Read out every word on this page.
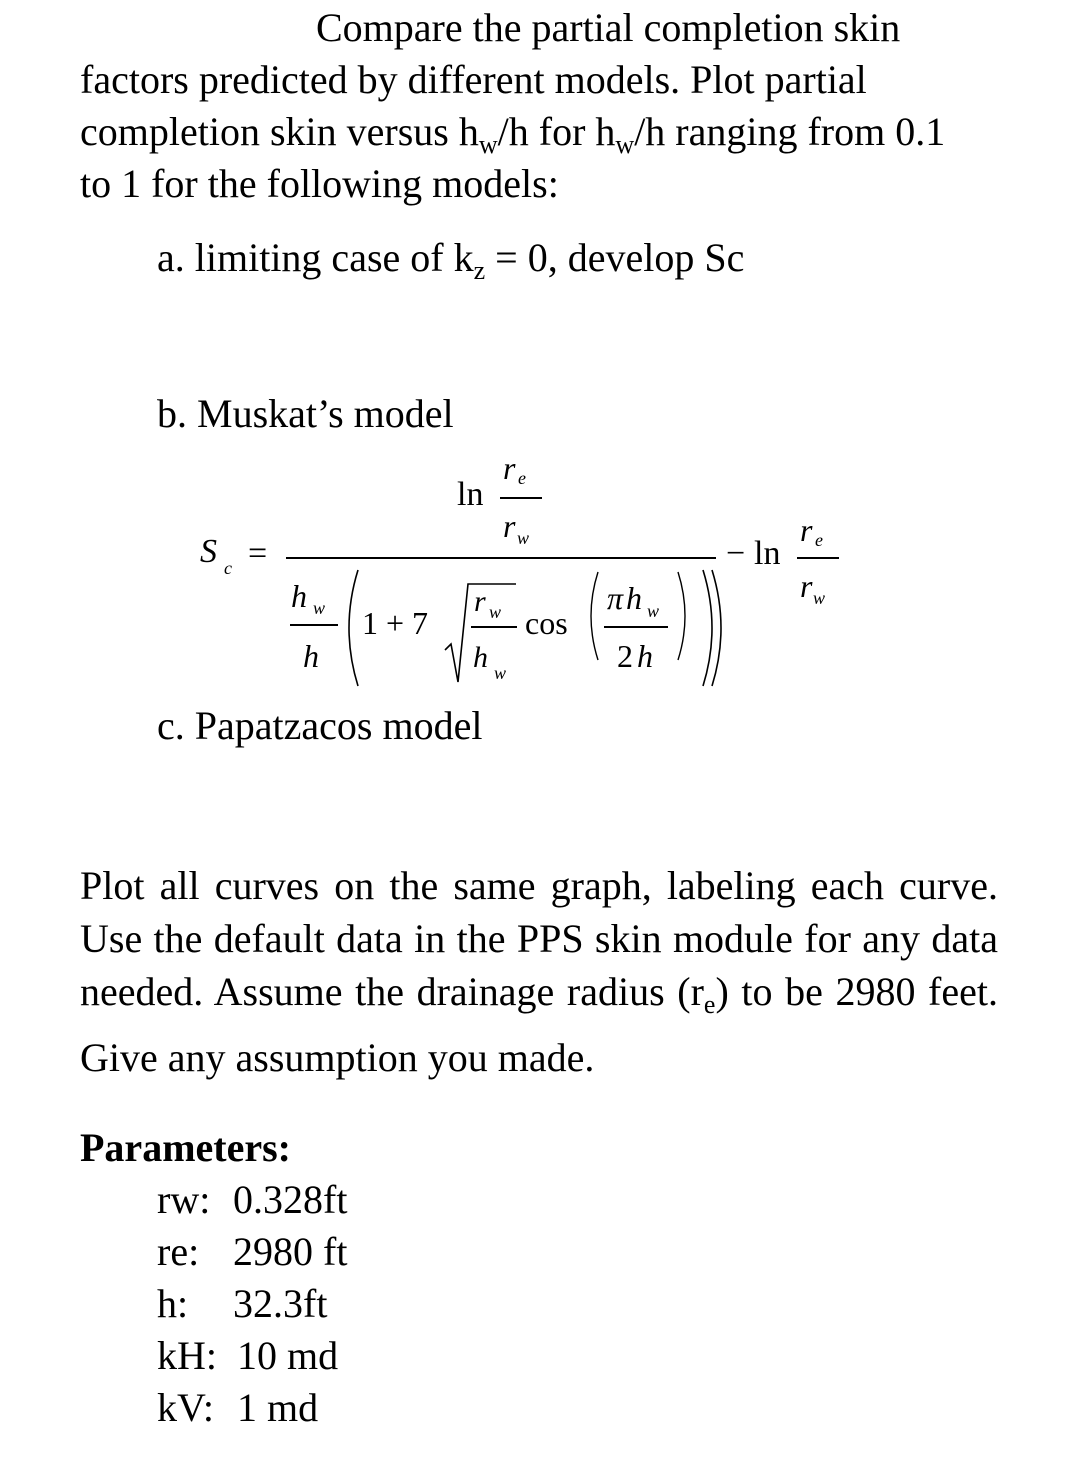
Compare the partial completion skin
factors predicted by different models. Plot partial
completion skin versus $h_w/h$ for $h_w/h$ ranging from 0.1
to 1 for the following models:
a. limiting case of $k_z = 0$, develop Sc
b. Muskat’s model
S c =
ln
r e
r w
h w
h
1 + 7
r w
h w
cos
π h w
2 h
− ln
r e
r w
c. Papatzacos model
Plot all curves on the same graph, labeling each curve. Use the default data in the PPS skin module for any data needed. Assume the drainage radius $(r_e)$ to be 2980 feet. Give any assumption you made.
Parameters:
rw: 0.328ft
re: 2980 ft
h: 32.3ft
kH: 10 md
kV: 1 md
